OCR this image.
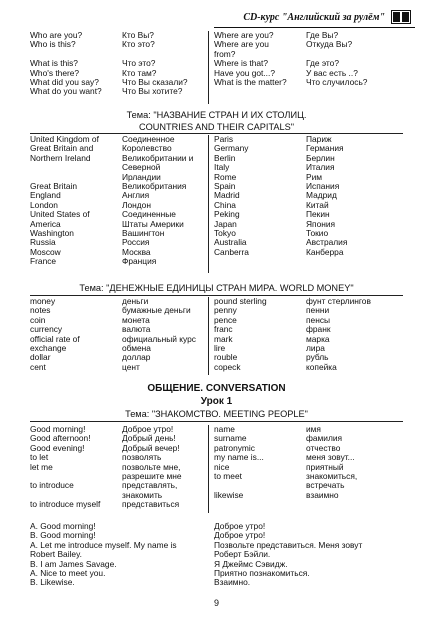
CD-курс "Английский за рулём"
Who are you?
Who is this?

What is this?
Who's there?
What did you say?
What do you want?
Кто Вы?
Кто это?

Что это?
Кто там?
Что Вы сказали?
Что Вы хотите?
Where are you?
Where are you
from?
Where is that?
Have you got...?
What is the matter?
Где Вы?
Откуда Вы?

Где это?
У вас есть ..?
Что случилось?
Тема: "НАЗВАНИЕ СТРАН И ИХ СТОЛИЦ.
COUNTRIES AND THEIR CAPITALS"
United Kingdom of
Great Britain and
Northern Ireland

Great Britain
England
London
United States of
America
Washington
Russia
Moscow
France
Соединенное
Королевство
Великобритании и
Северной
Ирландии
Великобритания
Англия
Лондон
Соединенные
Штаты Америки
Вашингтон
Россия
Москва
Франция
Paris
Germany
Berlin
Italy
Rome
Spain
Madrid
China
Peking
Japan
Tokyo
Australia
Canberra
Париж
Германия
Берлин
Италия
Рим
Испания
Мадрид
Китай
Пекин
Япония
Токио
Австралия
Канберра
Тема: "ДЕНЕЖНЫЕ ЕДИНИЦЫ СТРАН МИРА. WORLD MONEY"
money
notes
coin
currency
official rate of
exchange
dollar
cent
деньги
бумажные деньги
монета
валюта
официальный курс
обмена
доллар
цент
pound sterling
penny
pence
franc
mark
lire
rouble
copeck
фунт стерлингов
пенни
пенсы
франк
марка
лира
рубль
копейка
ОБЩЕНИЕ. CONVERSATION
Урок 1
Тема: "ЗНАКОМСТВО. MEETING PEOPLE"
Good morning!
Good afternoon!
Good evening!
to let
let me

to introduce

to introduce myself
Доброе утро!
Добрый день!
Добрый вечер!
позволять
позвольте мне,
разрешите мне
представлять,
знакомить
представиться
name
surname
patronymic
my name is...
nice
to meet

likewise
имя
фамилия
отчество
меня зовут...
приятный
знакомиться,
встречать
взаимно
A. Good morning!
B. Good morning!
A. Let me introduce myself. My name is
Robert Bailey.
B. I am James Savage.
A. Nice to meet you.
B. Likewise.
Доброе утро!
Доброе утро!
Позвольте представиться. Меня зовут
Роберт Бэйли.
Я Джеймс Сэвидж.
Приятно познакомиться.
Взаимно.
9
